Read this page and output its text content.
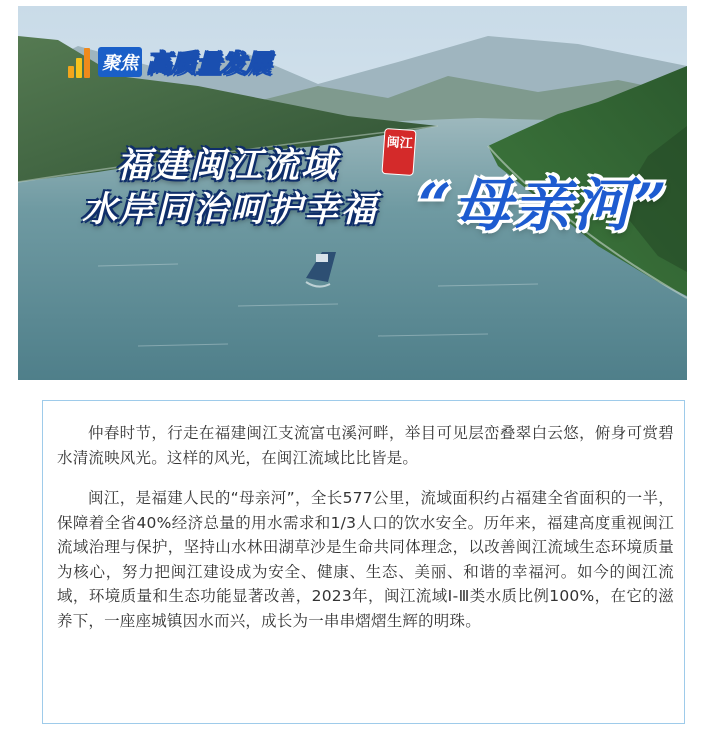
聚焦 高质量发展
福建闽江流域
闽江
水岸同治呵护幸福 “母亲河”

仲春时节，行走在福建闽江支流富屯溪河畔，举目可见层峦叠翠白云悠，俯身可赏碧水清流映风光。这样的风光，在闽江流域比比皆是。

闽江，是福建人民的“母亲河”，全长577公里，流域面积约占福建全省面积的一半，保障着全省40%经济总量的用水需求和1/3人口的饮水安全。历年来，福建高度重视闽江流域治理与保护，坚持山水林田湖草沙是生命共同体理念，以改善闽江流域生态环境质量为核心，努力把闽江建设成为安全、健康、生态、美丽、和谐的幸福河。如今的闽江流域，环境质量和生态功能显著改善，2023年，闽江流域Ⅰ-Ⅲ类水质比例100%，在它的滋养下，一座座城镇因水而兴，成长为一串串熠熠生辉的明珠。
